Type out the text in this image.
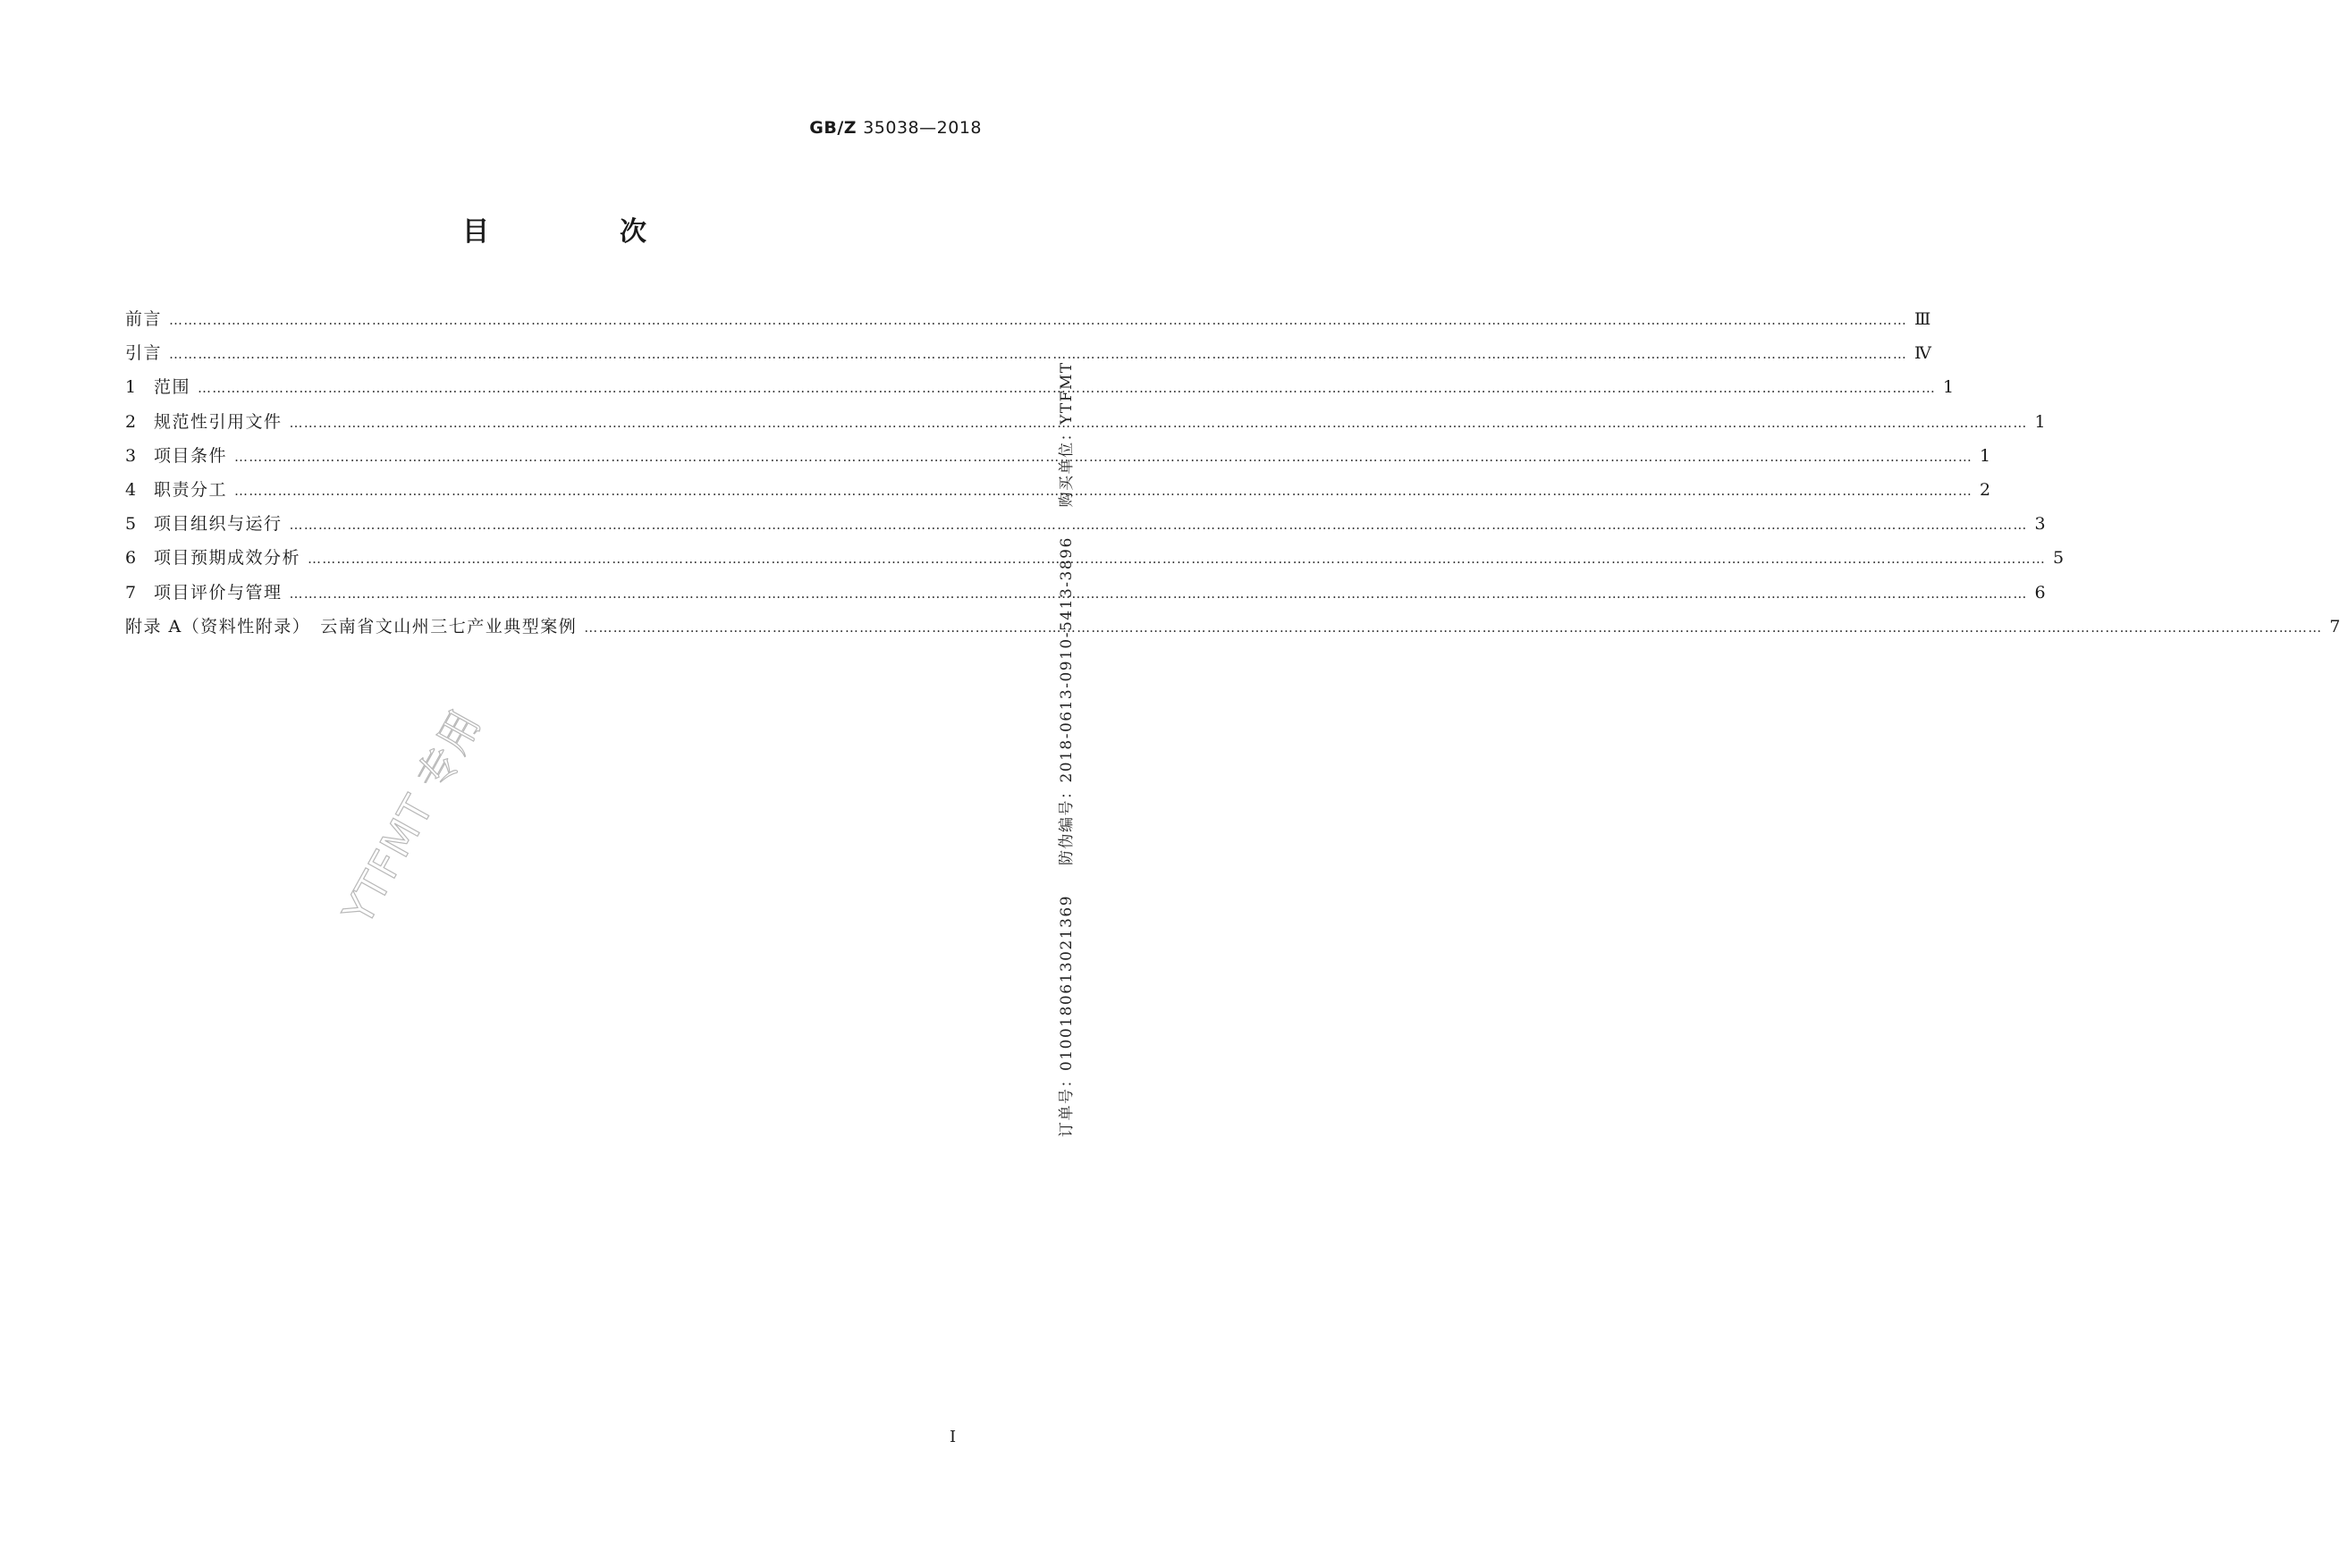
GB/Z 35038—2018
目　次
前言 ……………………………………………………………………………………………………………………………………………………………………………………………………………………………………………………………………………………………………………………………… Ⅲ
引言 ……………………………………………………………………………………………………………………………………………………………………………………………………………………………………………………………………………………………………………………………… Ⅳ
1 范围 ……………………………………………………………………………………………………………………………………………………………………………………………………………………………………………………………………………………………………………………………… 1
2 规范性引用文件 ……………………………………………………………………………………………………………………………………………………………………………………………………………………………………………………………………………………………………………………………… 1
3 项目条件 ……………………………………………………………………………………………………………………………………………………………………………………………………………………………………………………………………………………………………………………………… 1
4 职责分工 ……………………………………………………………………………………………………………………………………………………………………………………………………………………………………………………………………………………………………………………………… 2
5 项目组织与运行 ……………………………………………………………………………………………………………………………………………………………………………………………………………………………………………………………………………………………………………………………… 3
6 项目预期成效分析 ……………………………………………………………………………………………………………………………………………………………………………………………………………………………………………………………………………………………………………………………… 5
7 项目评价与管理 ……………………………………………………………………………………………………………………………………………………………………………………………………………………………………………………………………………………………………………………………… 6
附录 A（资料性附录）　云南省文山州三七产业典型案例 ……………………………………………………………………………………………………………………………………………………………………………………………………………………………………………………………………………………………………………………………… 7
YTFMT 专用
订单号：0100180613021369 防伪编号：2018-0613-0910-5413-3896 购买单位：YTFMT
Ⅰ
